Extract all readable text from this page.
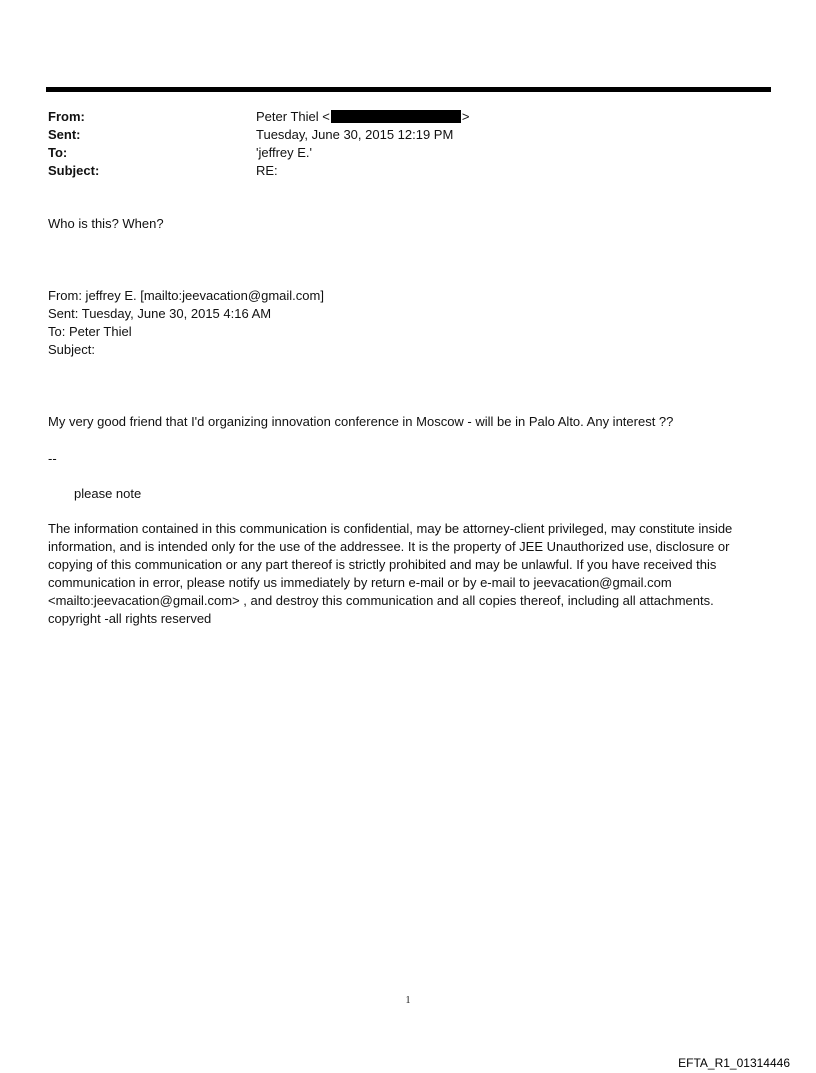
From:	Peter Thiel <	>
Sent:	Tuesday, June 30, 2015 12:19 PM
To:	'jeffrey E.'
Subject:	RE:
Who is this? When?
From: jeffrey E. [mailto:jeevacation@gmail.com]
Sent: Tuesday, June 30, 2015 4:16 AM
To: Peter Thiel
Subject:
My very good friend that I'd organizing innovation conference in Moscow - will be in Palo Alto. Any interest ??
--
please note
The information contained in this communication is confidential, may be attorney-client privileged, may constitute inside information, and is intended only for the use of the addressee. It is the property of JEE Unauthorized use, disclosure or copying of this communication or any part thereof is strictly prohibited and may be unlawful. If you have received this communication in error, please notify us immediately by return e-mail or by e-mail to jeevacation@gmail.com <mailto:jeevacation@gmail.com> , and destroy this communication and all copies thereof, including all attachments. copyright -all rights reserved
1
EFTA_R1_01314446
